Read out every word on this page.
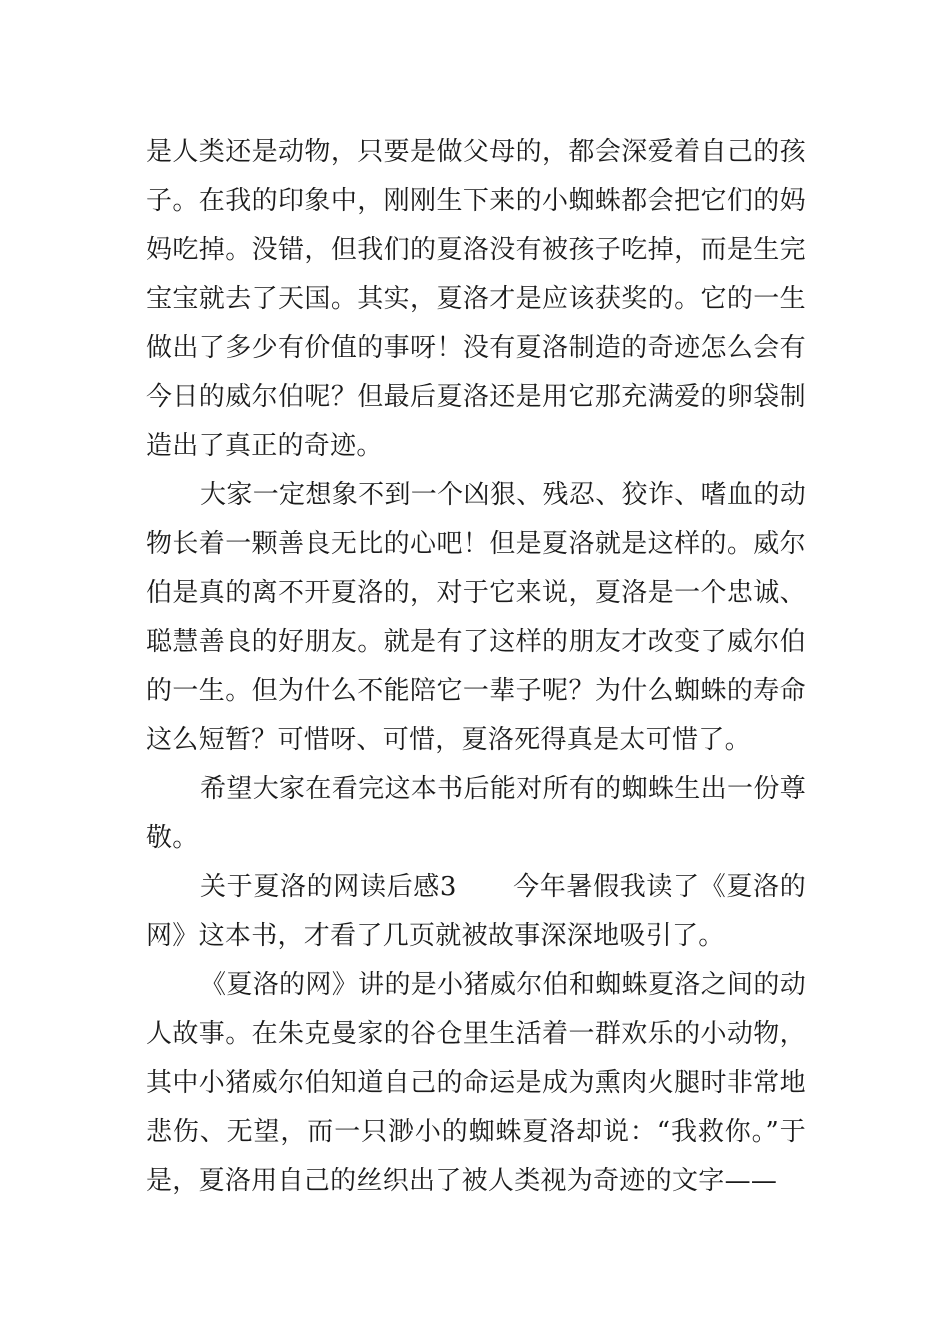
是人类还是动物，只要是做父母的，都会深爱着自己的孩子。在我的印象中，刚刚生下来的小蜘蛛都会把它们的妈妈吃掉。没错，但我们的夏洛没有被孩子吃掉，而是生完宝宝就去了天国。其实，夏洛才是应该获奖的。它的一生做出了多少有价值的事呀！没有夏洛制造的奇迹怎么会有今日的威尔伯呢？但最后夏洛还是用它那充满爱的卵袋制造出了真正的奇迹。

大家一定想象不到一个凶狠、残忍、狡诈、嗜血的动物长着一颗善良无比的心吧！但是夏洛就是这样的。威尔伯是真的离不开夏洛的，对于它来说，夏洛是一个忠诚、聪慧善良的好朋友。就是有了这样的朋友才改变了威尔伯的一生。但为什么不能陪它一辈子呢？为什么蜘蛛的寿命这么短暂？可惜呀、可惜，夏洛死得真是太可惜了。

希望大家在看完这本书后能对所有的蜘蛛生出一份尊敬。

关于夏洛的网读后感3 今年暑假我读了《夏洛的网》这本书，才看了几页就被故事深深地吸引了。

《夏洛的网》讲的是小猪威尔伯和蜘蛛夏洛之间的动人故事。在朱克曼家的谷仓里生活着一群欢乐的小动物，其中小猪威尔伯知道自己的命运是成为熏肉火腿时非常地悲伤、无望，而一只渺小的蜘蛛夏洛却说：“我救你。”于是，夏洛用自己的丝织出了被人类视为奇迹的文字——
